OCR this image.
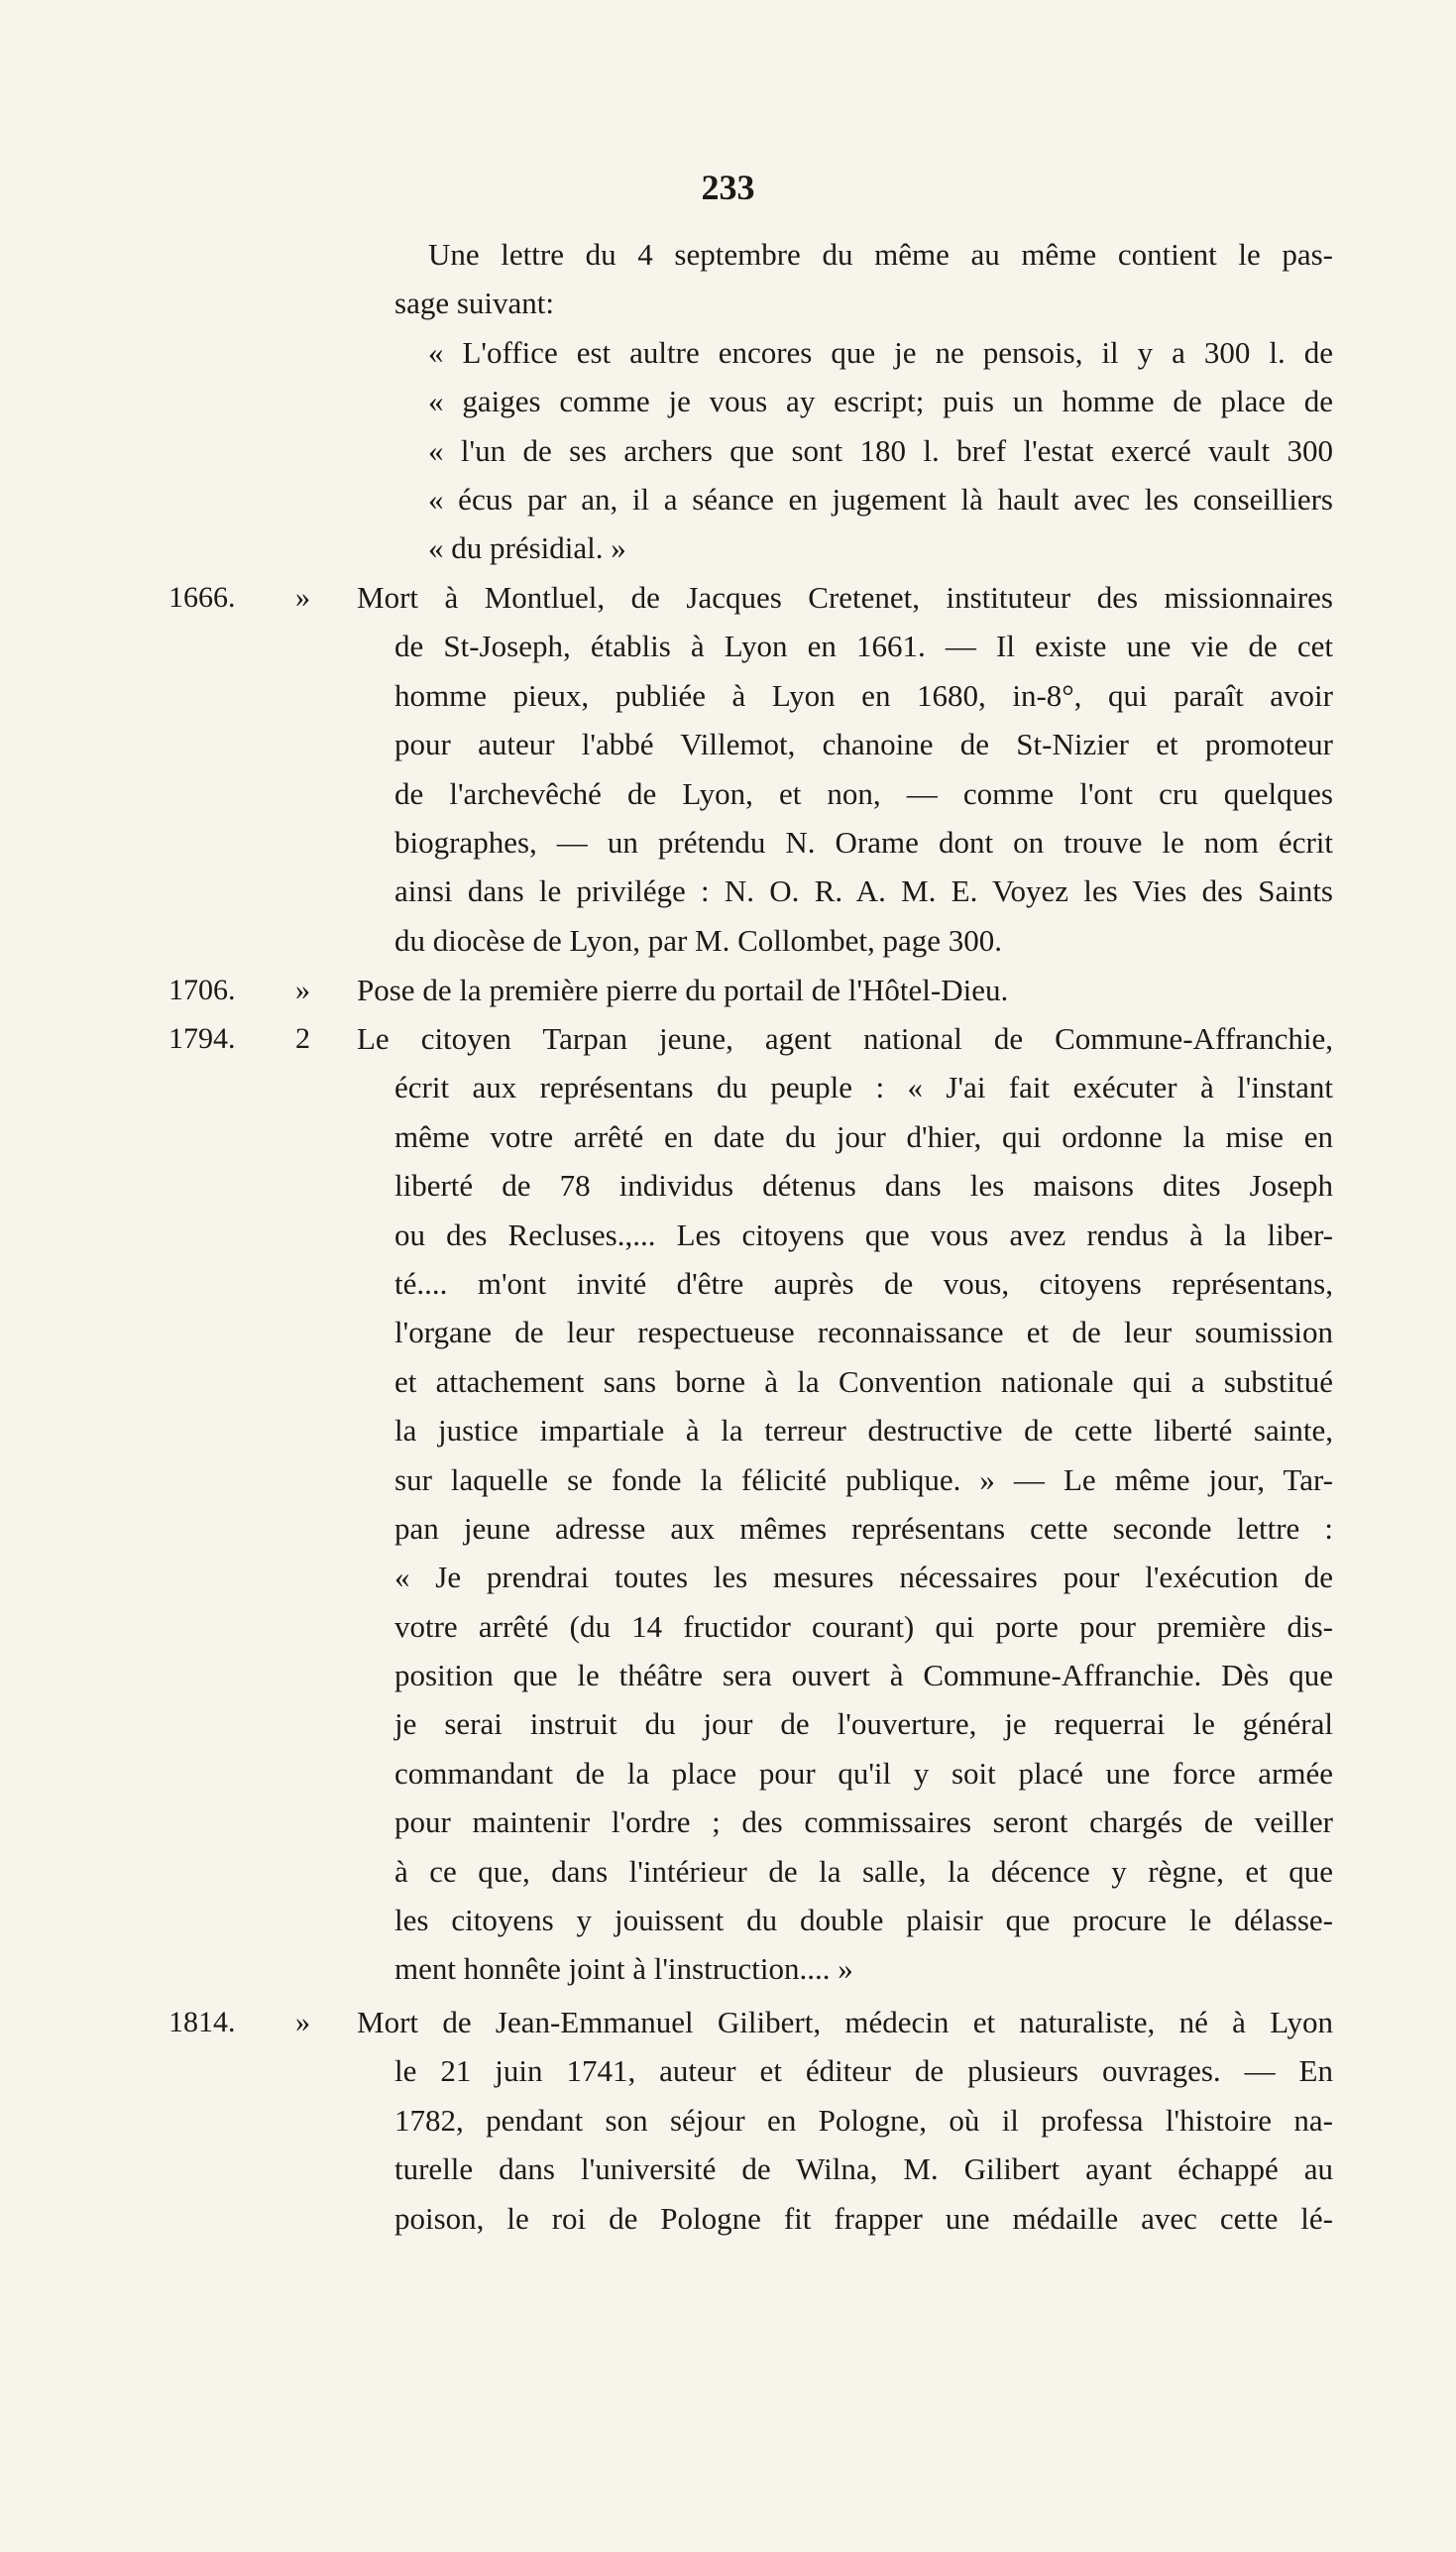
233
Une lettre du 4 septembre du même au même contient le pas-
sage suivant:
« L'office est aultre encores que je ne pensois, il y a 300 l. de
« gaiges comme je vous ay escript; puis un homme de place de
« l'un de ses archers que sont 180 l. bref l'estat exercé vault 300
« écus par an, il a séance en jugement là hault avec les conseilliers
« du présidial. »
1666.	»	Mort à Montluel, de Jacques Cretenet, instituteur des missionnaires
de St-Joseph, établis à Lyon en 1661. — Il existe une vie de cet
homme pieux, publiée à Lyon en 1680, in-8°, qui paraît avoir
pour auteur l'abbé Villemot, chanoine de St-Nizier et promoteur
de l'archevêché de Lyon, et non, — comme l'ont cru quelques
biographes, — un prétendu N. Orame dont on trouve le nom écrit
ainsi dans le privilége : N. O. R. A. M. E. Voyez les Vies des Saints
du diocèse de Lyon, par M. Collombet, page 300.
1706.	»	Pose de la première pierre du portail de l'Hôtel-Dieu.
1794.	2	Le citoyen Tarpan jeune, agent national de Commune-Affranchie,
écrit aux représentans du peuple : « J'ai fait exécuter à l'instant
même votre arrêté en date du jour d'hier, qui ordonne la mise en
liberté de 78 individus détenus dans les maisons dites Joseph
ou des Recluses.,... Les citoyens que vous avez rendus à la liber-
té.... m'ont invité d'être auprès de vous, citoyens représentans,
l'organe de leur respectueuse reconnaissance et de leur soumission
et attachement sans borne à la Convention nationale qui a substitué
la justice impartiale à la terreur destructive de cette liberté sainte,
sur laquelle se fonde la félicité publique. » — Le même jour, Tar-
pan jeune adresse aux mêmes représentans cette seconde lettre :
« Je prendrai toutes les mesures nécessaires pour l'exécution de
votre arrêté (du 14 fructidor courant) qui porte pour première dis-
position que le théâtre sera ouvert à Commune-Affranchie. Dès que
je serai instruit du jour de l'ouverture, je requerrai le général
commandant de la place pour qu'il y soit placé une force armée
pour maintenir l'ordre ; des commissaires seront chargés de veiller
à ce que, dans l'intérieur de la salle, la décence y règne, et que
les citoyens y jouissent du double plaisir que procure le délasse-
ment honnête joint à l'instruction.... »
1814.	»	Mort de Jean-Emmanuel Gilibert, médecin et naturaliste, né à Lyon
le 21 juin 1741, auteur et éditeur de plusieurs ouvrages. — En
1782, pendant son séjour en Pologne, où il professa l'histoire na-
turelle dans l'université de Wilna, M. Gilibert ayant échappé au
poison, le roi de Pologne fit frapper une médaille avec cette lé-
